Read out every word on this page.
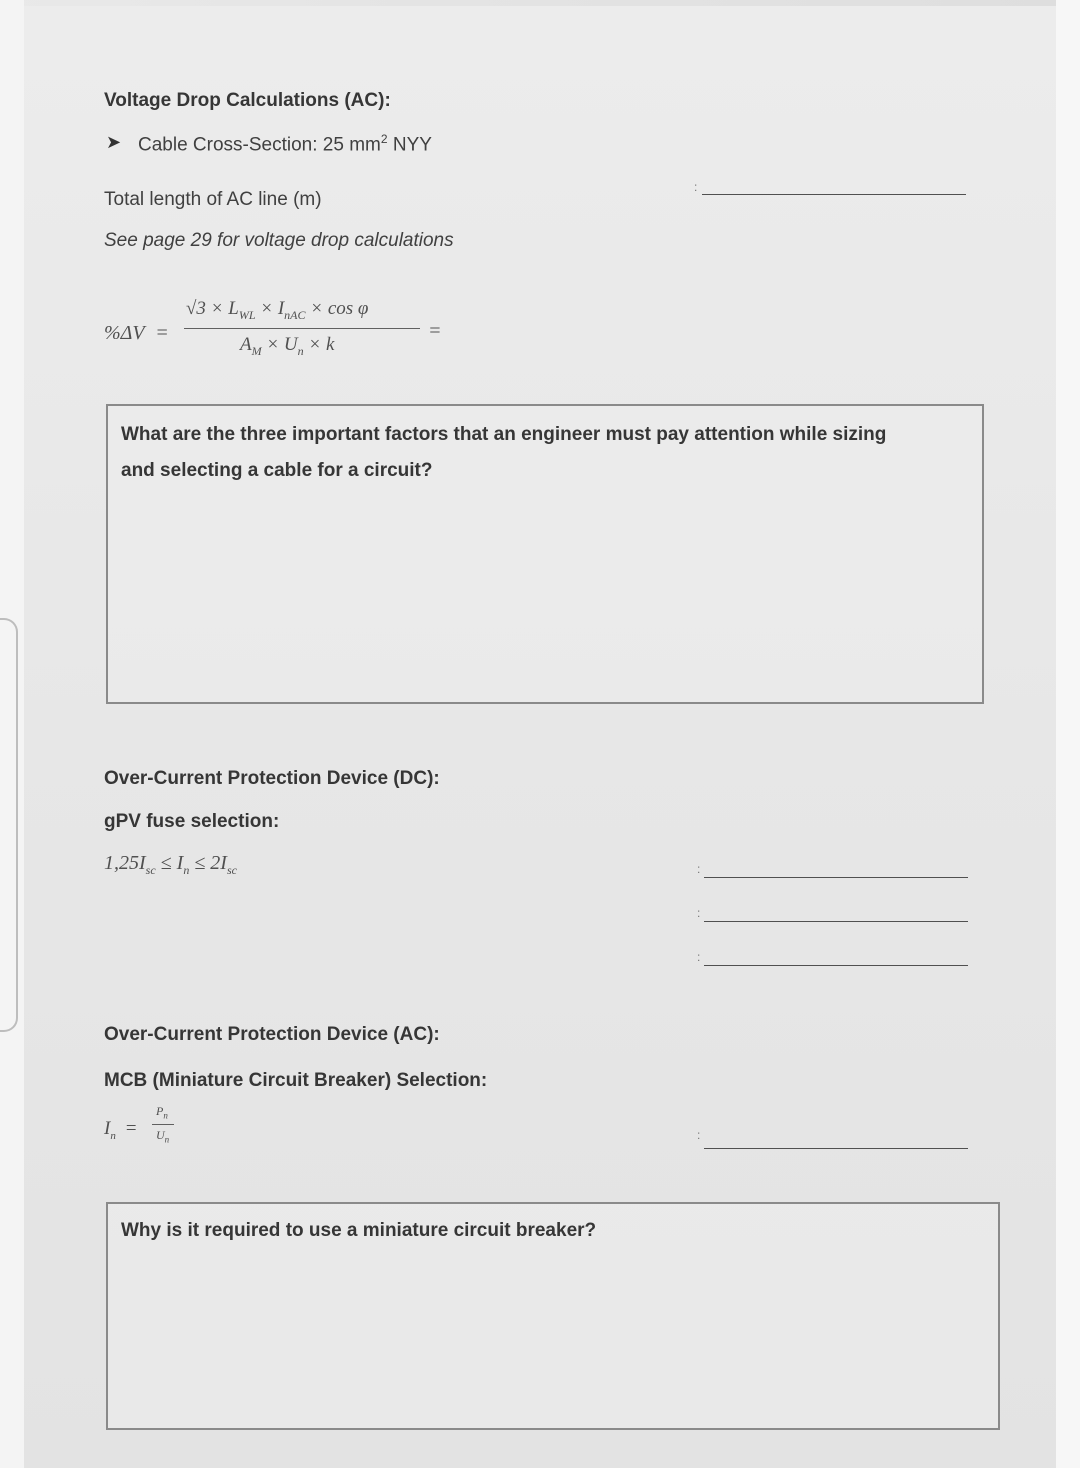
Voltage Drop Calculations (AC):
➤ Cable Cross-Section: 25 $mm^2$ NYY
Total length of AC line (m)
:
See page 29 for voltage drop calculations
%ΔV =
$√3 \times L_{WL} \times I_{nAC} \times \cos \varphi$
$A_M \times U_n \times k$
=
What are the three important factors that an engineer must pay attention while sizing
and selecting a cable for a circuit?
Over-Current Protection Device (DC):
gPV fuse selection:
$1,25I_{sc} \le I_n \le 2I_{sc}$	:
:
:
Over-Current Protection Device (AC):
MCB (Miniature Circuit Breaker) Selection:
$I_n$ =
$P_n$
$U_n$	:
Why is it required to use a miniature circuit breaker?
